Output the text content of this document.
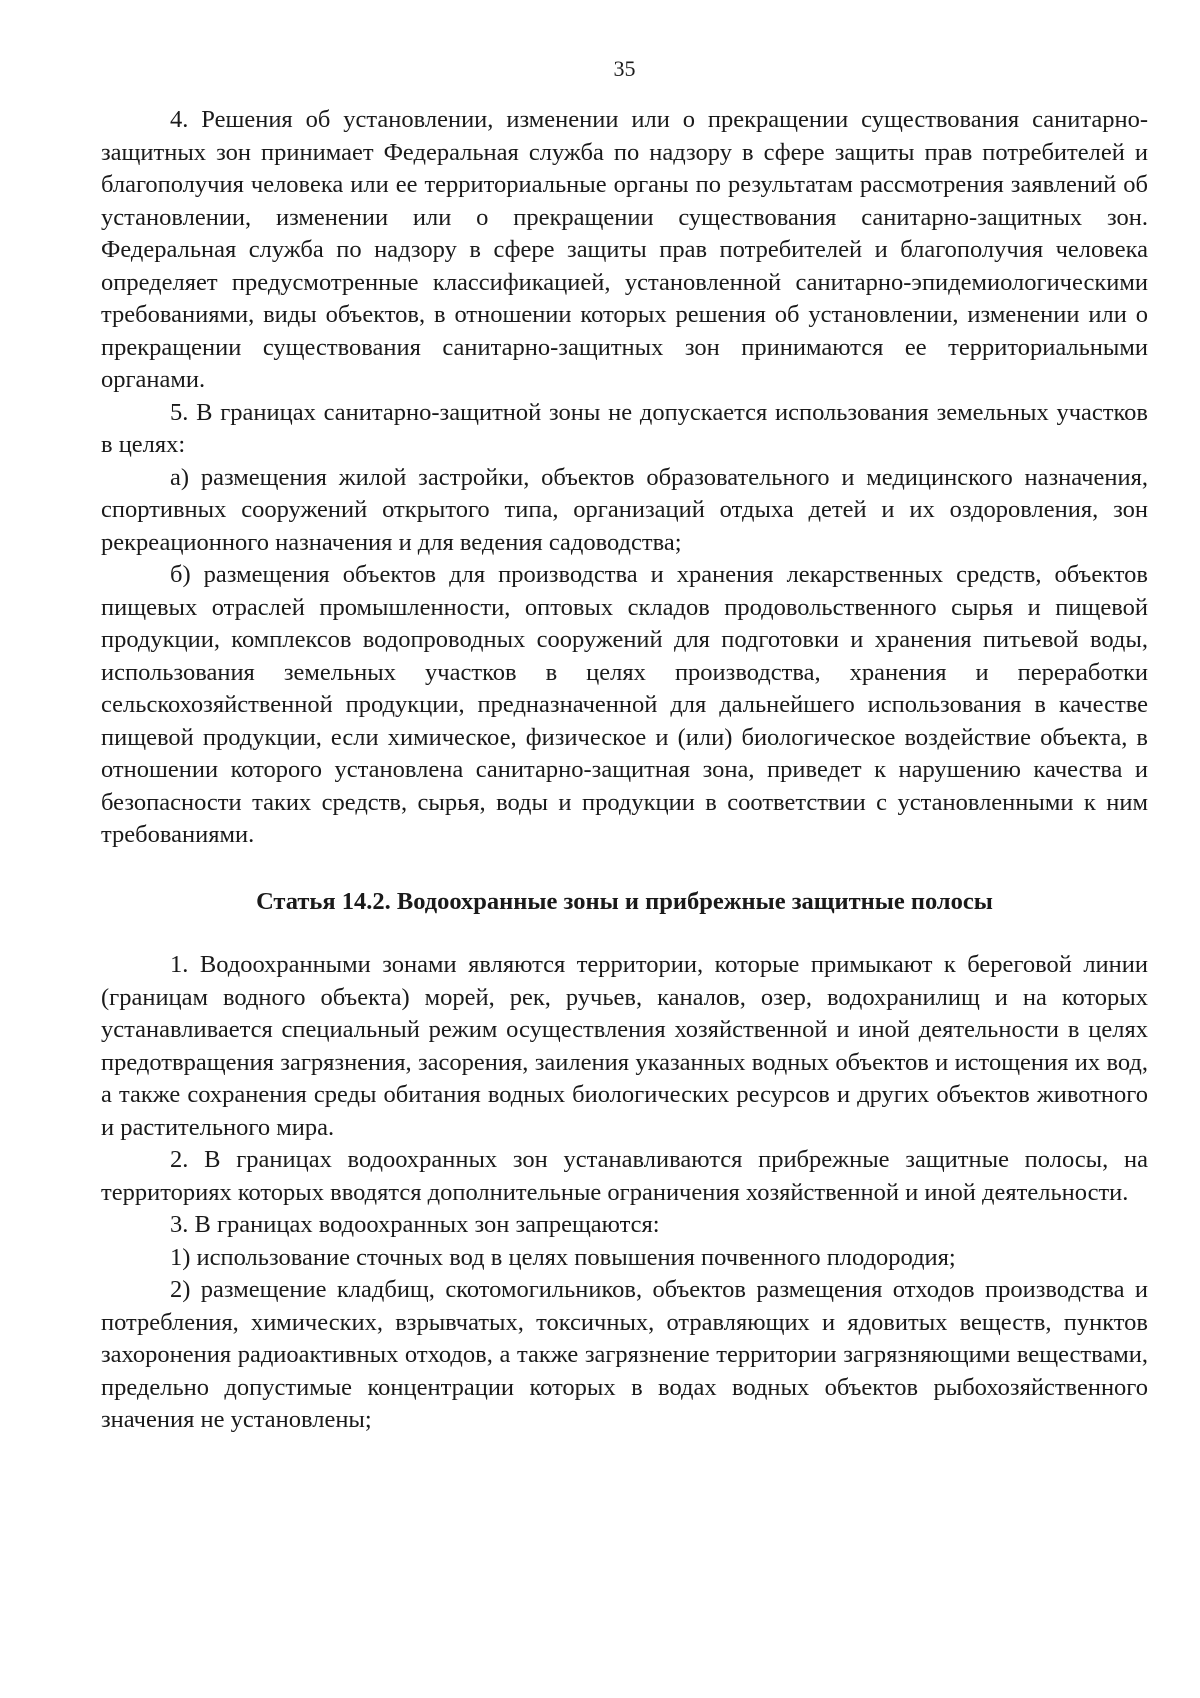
35

4. Решения об установлении, изменении или о прекращении существования санитарно-защитных зон принимает Федеральная служба по надзору в сфере защиты прав потребителей и благополучия человека или ее территориальные органы по результатам рассмотрения заявлений об установлении, изменении или о прекращении существования санитарно-защитных зон. Федеральная служба по надзору в сфере защиты прав потребителей и благополучия человека определяет предусмотренные классификацией, установленной санитарно-эпидемиологическими требованиями, виды объектов, в отношении которых решения об установлении, изменении или о прекращении существования санитарно-защитных зон принимаются ее территориальными органами.

5. В границах санитарно-защитной зоны не допускается использования земельных участков в целях:

а) размещения жилой застройки, объектов образовательного и медицинского назначения, спортивных сооружений открытого типа, организаций отдыха детей и их оздоровления, зон рекреационного назначения и для ведения садоводства;

б) размещения объектов для производства и хранения лекарственных средств, объектов пищевых отраслей промышленности, оптовых складов продовольственного сырья и пищевой продукции, комплексов водопроводных сооружений для подготовки и хранения питьевой воды, использования земельных участков в целях производства, хранения и переработки сельскохозяйственной продукции, предназначенной для дальнейшего использования в качестве пищевой продукции, если химическое, физическое и (или) биологическое воздействие объекта, в отношении которого установлена санитарно-защитная зона, приведет к нарушению качества и безопасности таких средств, сырья, воды и продукции в соответствии с установленными к ним требованиями.

Статья 14.2. Водоохранные зоны и прибрежные защитные полосы

1. Водоохранными зонами являются территории, которые примыкают к береговой линии (границам водного объекта) морей, рек, ручьев, каналов, озер, водохранилищ и на которых устанавливается специальный режим осуществления хозяйственной и иной деятельности в целях предотвращения загрязнения, засорения, заиления указанных водных объектов и истощения их вод, а также сохранения среды обитания водных биологических ресурсов и других объектов животного и растительного мира.

2. В границах водоохранных зон устанавливаются прибрежные защитные полосы, на территориях которых вводятся дополнительные ограничения хозяйственной и иной деятельности.

3. В границах водоохранных зон запрещаются:

1) использование сточных вод в целях повышения почвенного плодородия;

2) размещение кладбищ, скотомогильников, объектов размещения отходов производства и потребления, химических, взрывчатых, токсичных, отравляющих и ядовитых веществ, пунктов захоронения радиоактивных отходов, а также загрязнение территории загрязняющими веществами, предельно допустимые концентрации которых в водах водных объектов рыбохозяйственного значения не установлены;
